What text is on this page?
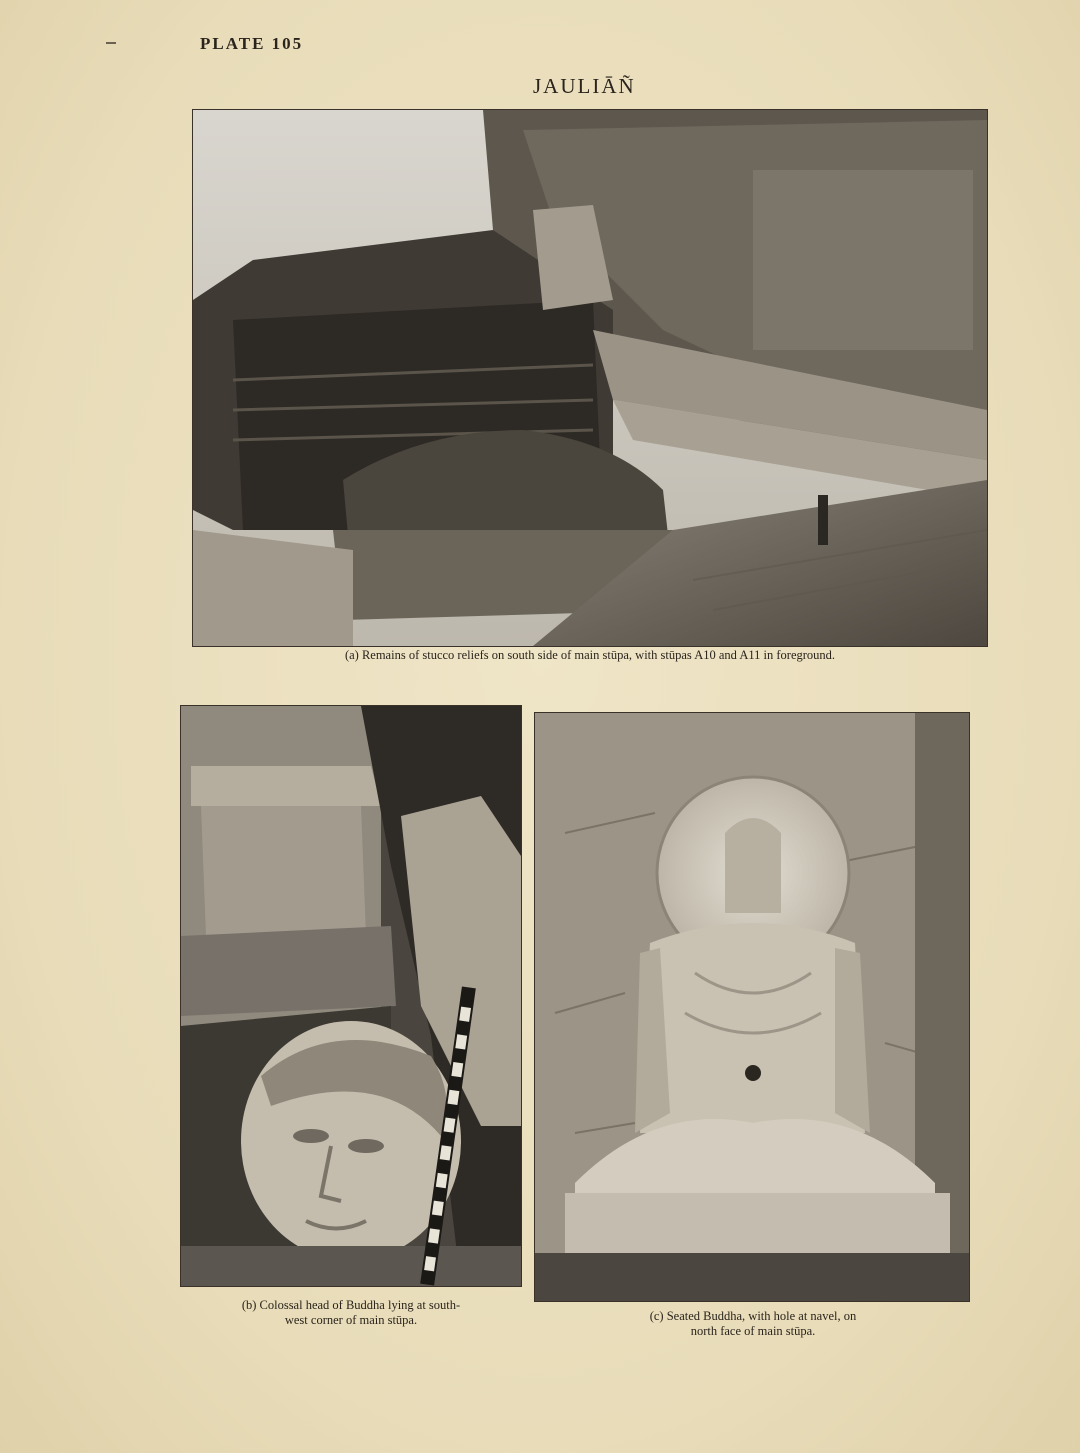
PLATE 105
JAULIĀÑ
(a) Remains of stucco reliefs on south side of main stūpa, with stūpas A10 and A11 in foreground.
(b) Colossal head of Buddha lying at south-
west corner of main stūpa.	(c) Seated Buddha, with hole at navel, on
north face of main stūpa.
